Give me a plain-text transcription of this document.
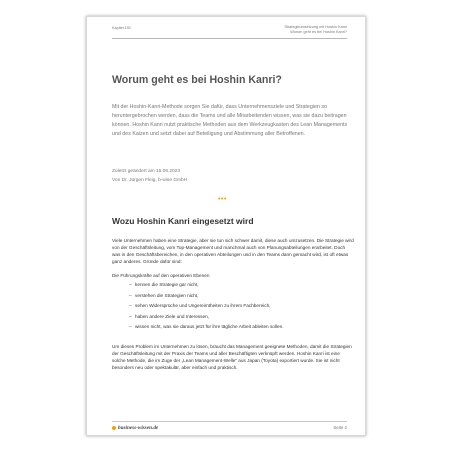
Kapitel 191	Strategieumsetzung mit Hoshin Kanri
Worum geht es bei Hoshin Kanri?
Worum geht es bei Hoshin Kanri?
Mit der Hoshin-Kanri-Methode sorgen Sie dafür, dass Unternehmensziele und Strategien so heruntergebrochen werden, dass die Teams und alle Mitarbeitenden wissen, was sie dazu beitragen können. Hoshin Kanri nutzt praktische Methoden aus dem Werkzeugkasten des Lean Managements und des Kaizen und setzt dabei auf Beteiligung und Abstimmung aller Betroffenen.
Zuletzt geändert am 15.06.2023
Von Dr. Jürgen Fleig, b-wise GmbH
•••
Wozu Hoshin Kanri eingesetzt wird

Viele Unternehmen haben eine Strategie, aber sie tun sich schwer damit, diese auch umzusetzen. Die Strategie wird von der Geschäftsleitung, vom Top-Management und manchmal auch von Planungsabteilungen erarbeitet. Doch was in den Geschäftsbereichen, in den operativen Abteilungen und in den Teams dann gemacht wird, ist oft etwas ganz anderes. Gründe dafür sind:

Die Führungskräfte auf den operativen Ebenen

– kennen die Strategie gar nicht,
– verstehen die Strategien nicht,
– sehen Widersprüche und Ungereimtheiten zu ihrem Fachbereich,
– haben andere Ziele und Interessen,
– wissen nicht, was sie daraus jetzt für ihre tägliche Arbeit ableiten sollen.

Um dieses Problem im Unternehmen zu lösen, braucht das Management geeignete Methoden, damit die Strategien der Geschäftsleitung mit der Praxis der Teams und aller Beschäftigten verknüpft werden. Hoshin Kanri ist eine solche Methode, die im Zuge der „Lean Management-Welle“ aus Japan (Toyota) exportiert wurde. Sie ist nicht besonders neu oder spektakulär, aber einfach und praktisch.

business-wissen.de	Seite 2
